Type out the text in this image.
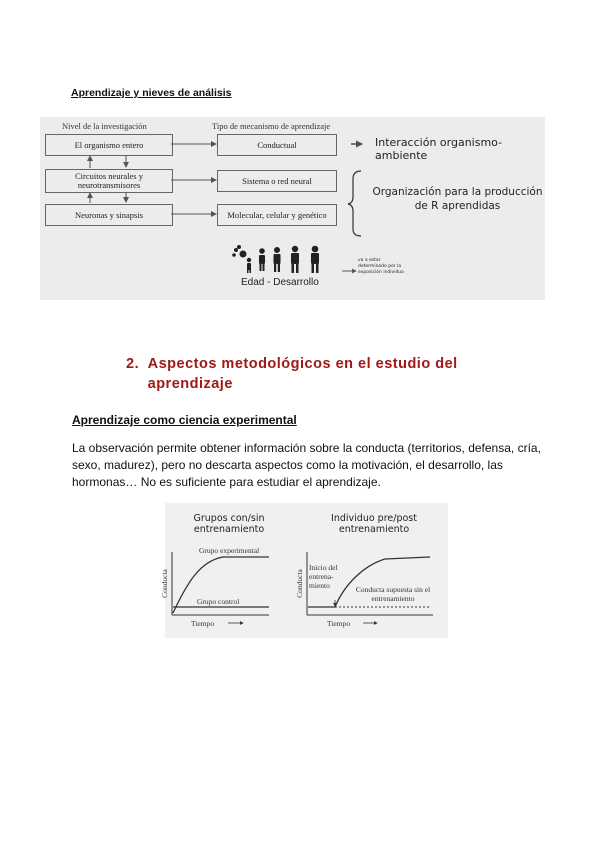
Aprendizaje y nieves de análisis
Nivel de la investigación	Tipo de mecanismo de aprendizaje
El organismo entero
Circuitos neurales y neurotransmisores
Neuronas y sinapsis
Conductual
Sistema o red neural
Molecular, celular y genético
Interacción organismo-ambiente
Organización para la producción de R aprendidas
Edad - Desarrollo
va a estar determinado por la exposición individuo
2. Aspectos metodológicos en el estudio del aprendizaje
Aprendizaje como ciencia experimental
La observación permite obtener información sobre la conducta (territorios, defensa, cría, sexo, madurez), pero no descarta aspectos como la motivación, el desarrollo, las hormonas… No es suficiente para estudiar el aprendizaje.
Grupos con/sin entrenamiento
Individuo pre/post entrenamiento
Conducta	Conducta
Grupo experimental
Grupo control
Inicio del entrena- miento	Conducta supuesta sin el entrenamiento
Tiempo	Tiempo
